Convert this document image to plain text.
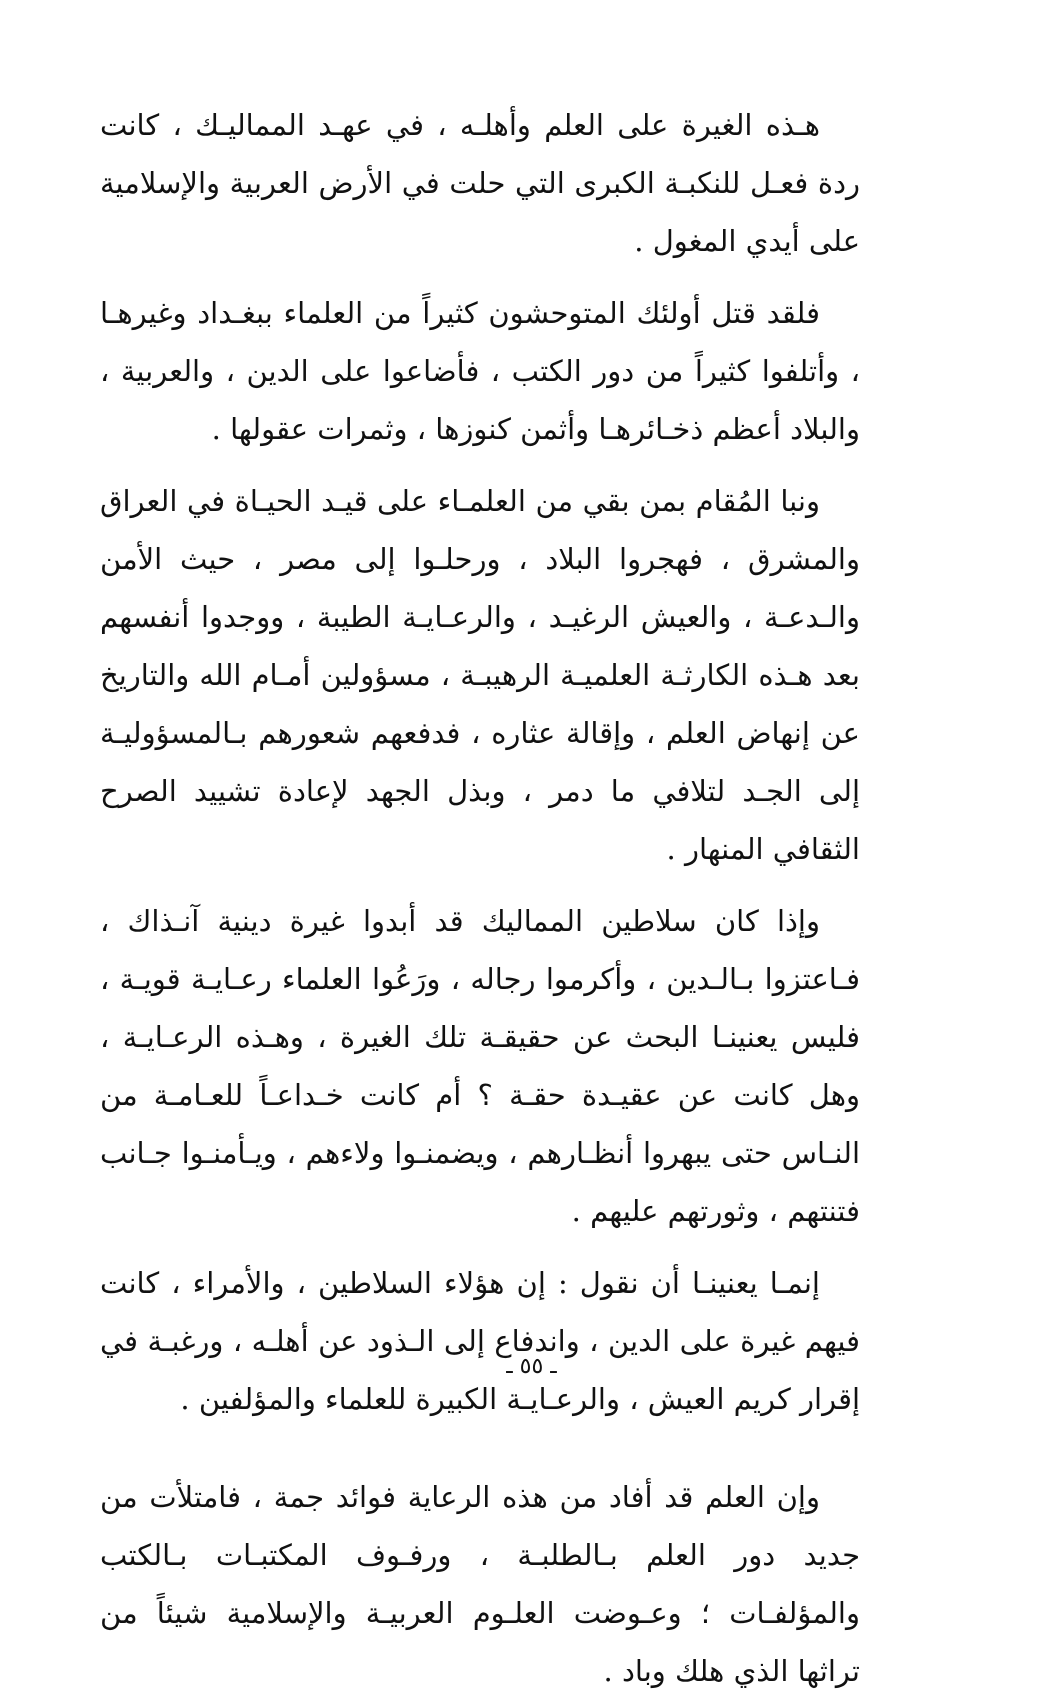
هـذه الغيرة على العلم وأهلـه ، في عهـد المماليـك ، كانت ردة فعـل للنكبـة الكبرى التي حلت في الأرض العربية والإسلامية على أيدي المغول .

فلقد قتل أولئك المتوحشون كثيراً من العلماء ببغـداد وغيرهـا ، وأتلفوا كثيراً من دور الكتب ، فأضاعوا على الدين ، والعربية ، والبلاد أعظم ذخـائرهـا وأثمن كنوزها ، وثمرات عقولها .

ونبا المُقام بمن بقي من العلمـاء على قيـد الحيـاة في العراق والمشرق ، فهجروا البلاد ، ورحلـوا إلى مصر ، حيث الأمن والـدعـة ، والعيش الرغيـد ، والرعـايـة الطيبة ، ووجدوا أنفسهم بعد هـذه الكارثـة العلميـة الرهيبـة ، مسؤولين أمـام الله والتاريخ عن إنهاض العلم ، وإقالة عثاره ، فدفعهم شعورهم بـالمسؤوليـة إلى الجـد لتلافي ما دمر ، وبذل الجهد لإعادة تشييد الصرح الثقافي المنهار .

وإذا كان سلاطين المماليك قد أبدوا غيرة دينية آنـذاك ، فـاعتزوا بـالـدين ، وأكرموا رجاله ، ورَعُوا العلماء رعـايـة قويـة ، فليس يعنينـا البحث عن حقيقـة تلك الغيرة ، وهـذه الرعـايـة ، وهل كانت عن عقيـدة حقـة ؟ أم كانت خـداعـاً للعـامـة من النـاس حتى يبهروا أنظـارهم ، ويضمنـوا ولاءهم ، ويـأمنـوا جـانب فتنتهم ، وثورتهم عليهم .

إنمـا يعنينـا أن نقول : إن هؤلاء السلاطين ، والأمراء ، كانت فيهم غيرة على الدين ، واندفاع إلى الـذود عن أهلـه ، ورغبـة في إقرار كريم العيش ، والرعـايـة الكبيرة للعلماء والمؤلفين .

وإن العلم قد أفاد من هذه الرعاية فوائد جمة ، فامتلأت من جديد دور العلم بـالطلبـة ، ورفـوف المكتبـات بـالكتب والمؤلفـات ؛ وعـوضت العلـوم العربيـة والإسلامية شيئاً من تراثها الذي هلك وباد .

ـ ٥٥ ـ
